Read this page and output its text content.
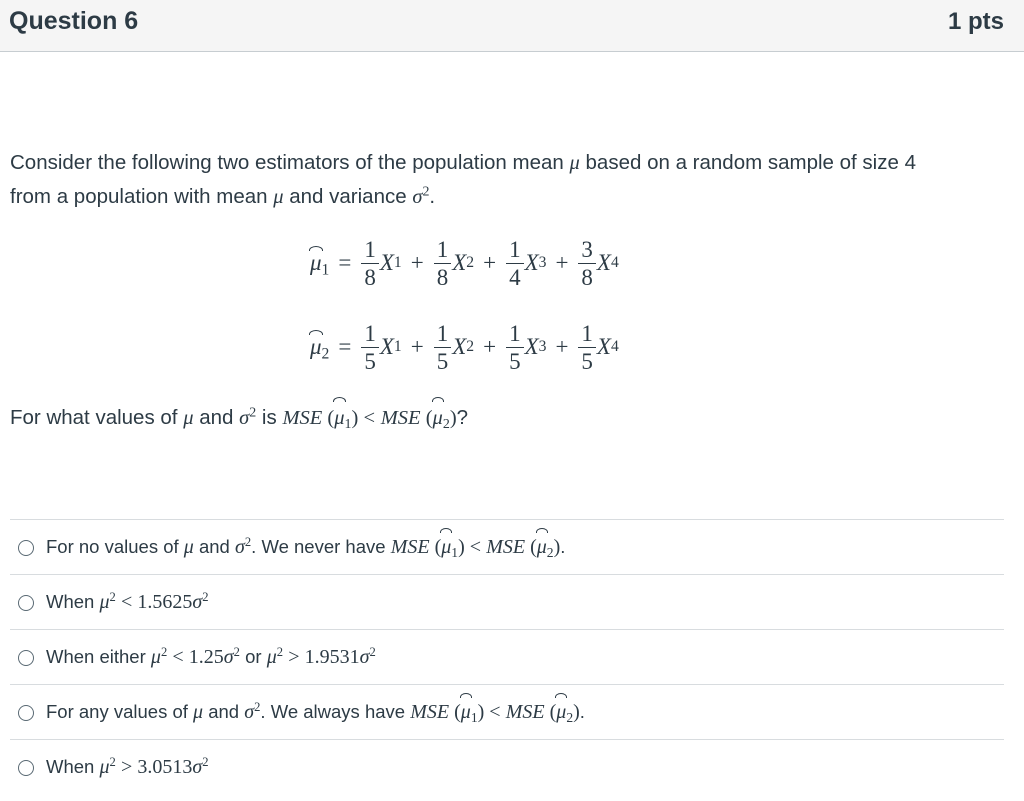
Question 6	1 pts
Consider the following two estimators of the population mean μ based on a random sample of size 4
from a population with mean μ and variance $\sigma^2$.
$\mu_1 = \frac{1}{8}$ X $1 + \frac{1}{8}$ X $2 + \frac{1}{4}$ X $3 + \frac{3}{8}$ X 4
$\mu_2 = \frac{1}{5}$ X $1 + \frac{1}{5}$ X $2 + \frac{1}{5}$ X $3 + \frac{1}{5}$ X 4
For what values of μ and $\sigma^2$ is MSE $(\mu_1)$ < MSE $(\mu_2)$?
For no values of μ and $\sigma^2$. We never have MSE $(\mu_1)$ < MSE $(\mu_2)$.
When $\mu^2 < 1.5625\sigma^2$
When either $\mu^2 < 1.25\sigma^2$ or $\mu^2 > 1.9531\sigma^2$
For any values of μ and $\sigma^2$. We always have MSE $(\mu_1)$ < MSE $(\mu_2)$.
When $\mu^2 > 3.0513\sigma^2$
